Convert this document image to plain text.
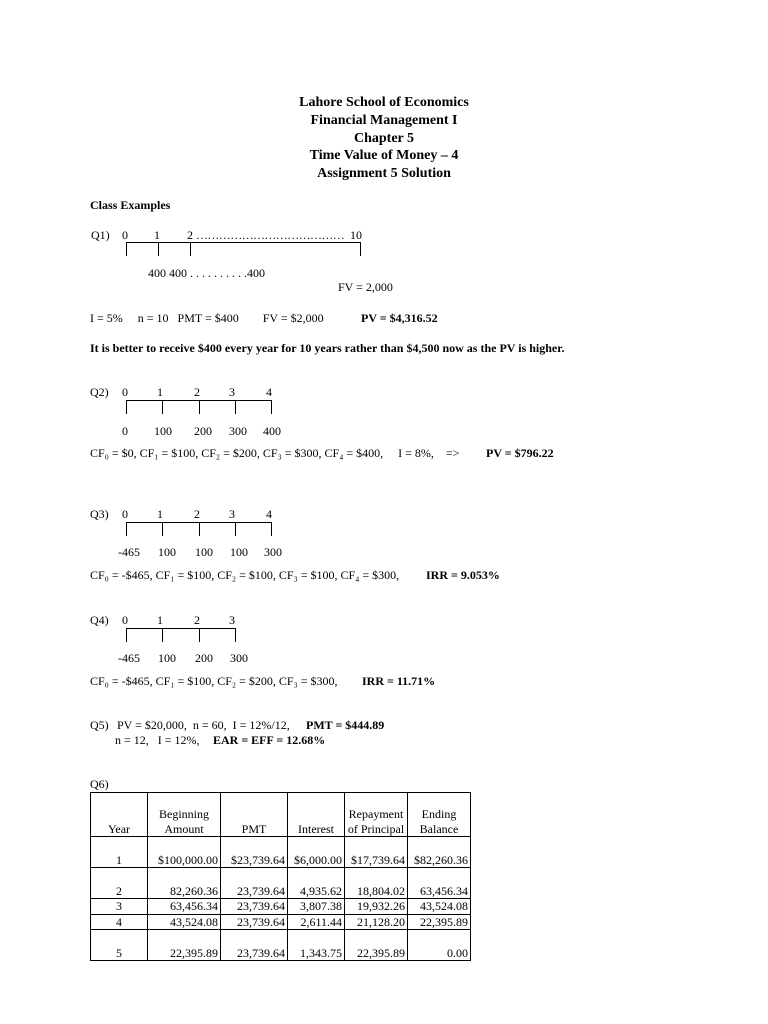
Lahore School of Economics
Financial Management I
Chapter 5
Time Value of Money – 4
Assignment 5 Solution
Class Examples
Q1) 0 1 2 ………………………………… 10
400 400 . . . . . . . . . .400
FV = 2,000
I = 5%     n = 10   PMT = $400        FV = $2,000	PV = $4,316.52
It is better to receive $400 every year for 10 years rather than $4,500 now as the PV is higher.
Q2) 0 1	2 3	4
0 100 200 300 400
CF₀ = $0, CF₁ = $100, CF₂ = $200, CF₃ = $300, CF₄ = $400,     I = 8%,    => PV = $796.22
Q3) 0 1	2 3	4
-465 100 100 100 300
CF₀ = -$465, CF₁ = $100, CF₂ = $100, CF₃ = $100, CF₄ = $300, IRR = 9.053%
Q4) 0 1	2 3
-465 100 200 300
CF₀ = -$465, CF₁ = $100, CF₂ = $200, CF₃ = $300, IRR = 11.71%
Q5) PV = $20,000,  n = 60,  I = 12%/12, PMT = $444.89
n = 12,   I = 12%, EAR = EFF = 12.68%
Q6)
Year	Beginning Amount	PMT	Interest	Repayment of Principal	Ending Balance
1	$100,000.00	$23,739.64	$6,000.00	$17,739.64	$82,260.36
2	82,260.36	23,739.64	4,935.62	18,804.02	63,456.34
3	63,456.34	23,739.64	3,807.38	19,932.26	43,524.08
4	43,524.08	23,739.64	2,611.44	21,128.20	22,395.89
5	22,395.89	23,739.64	1,343.75	22,395.89	0.00
